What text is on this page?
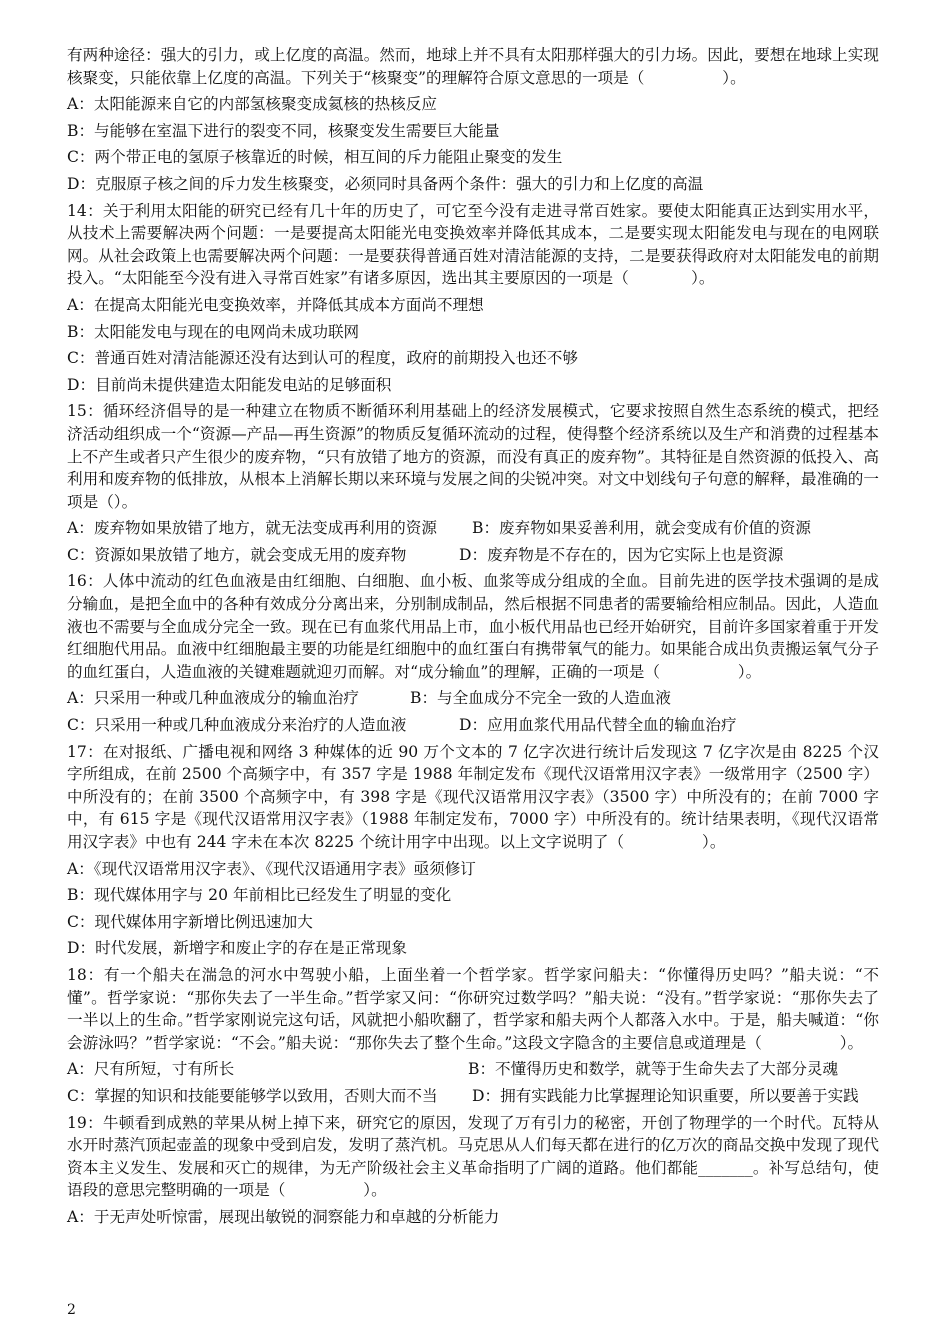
有两种途径：强大的引力，或上亿度的高温。然而，地球上并不具有太阳那样强大的引力场。因此，要想在地球上实现核聚变，只能依靠上亿度的高温。下列关于“核聚变”的理解符合原文意思的一项是（　　　　　）。

A：太阳能源来自它的内部氢核聚变成氦核的热核反应

B：与能够在室温下进行的裂变不同，核聚变发生需要巨大能量

C：两个带正电的氢原子核靠近的时候，相互间的斥力能阻止聚变的发生

D：克服原子核之间的斥力发生核聚变，必须同时具备两个条件：强大的引力和上亿度的高温

14：关于利用太阳能的研究已经有几十年的历史了，可它至今没有走进寻常百姓家。要使太阳能真正达到实用水平，从技术上需要解决两个问题：一是要提高太阳能光电变换效率并降低其成本，二是要实现太阳能发电与现在的电网联网。从社会政策上也需要解决两个问题：一是要获得普通百姓对清洁能源的支持，二是要获得政府对太阳能发电的前期投入。“太阳能至今没有进入寻常百姓家”有诸多原因，选出其主要原因的一项是（　　　　）。

A：在提高太阳能光电变换效率，并降低其成本方面尚不理想

B：太阳能发电与现在的电网尚未成功联网

C：普通百姓对清洁能源还没有达到认可的程度，政府的前期投入也还不够

D：目前尚未提供建造太阳能发电站的足够面积

15：循环经济倡导的是一种建立在物质不断循环利用基础上的经济发展模式，它要求按照自然生态系统的模式，把经济活动组织成一个“资源—产品—再生资源”的物质反复循环流动的过程，使得整个经济系统以及生产和消费的过程基本上不产生或者只产生很少的废弃物，“只有放错了地方的资源，而没有真正的废弃物”。其特征是自然资源的低投入、高利用和废弃物的低排放，从根本上消解长期以来环境与发展之间的尖锐冲突。对文中划线句子句意的解释，最准确的一项是（）。

A：废弃物如果放错了地方，就无法变成再利用的资源	B：废弃物如果妥善利用，就会变成有价值的资源
C：资源如果放错了地方，就会变成无用的废弃物	D：废弃物是不存在的，因为它实际上也是资源

16：人体中流动的红色血液是由红细胞、白细胞、血小板、血浆等成分组成的全血。目前先进的医学技术强调的是成分输血，是把全血中的各种有效成分分离出来，分别制成制品，然后根据不同患者的需要输给相应制品。因此，人造血液也不需要与全血成分完全一致。现在已有血浆代用品上市，血小板代用品也已经开始研究，目前许多国家着重于开发红细胞代用品。血液中红细胞最主要的功能是红细胞中的血红蛋白有携带氧气的能力。如果能合成出负责搬运氧气分子的血红蛋白，人造血液的关键难题就迎刃而解。对“成分输血”的理解，正确的一项是（　　　　　）。

A：只采用一种或几种血液成分的输血治疗	B：与全血成分不完全一致的人造血液
C：只采用一种或几种血液成分来治疗的人造血液	D：应用血浆代用品代替全血的输血治疗

17：在对报纸、广播电视和网络 3 种媒体的近 90 万个文本的 7 亿字次进行统计后发现这 7 亿字次是由 8225 个汉字所组成，在前 2500 个高频字中，有 357 字是 1988 年制定发布《现代汉语常用汉字表》一级常用字（2500 字）中所没有的；在前 3500 个高频字中，有 398 字是《现代汉语常用汉字表》（3500 字）中所没有的；在前 7000 字中，有 615 字是《现代汉语常用汉字表》（1988 年制定发布，7000 字）中所没有的。统计结果表明，《现代汉语常用汉字表》中也有 244 字未在本次 8225 个统计用字中出现。以上文字说明了（　　　　　）。

A：《现代汉语常用汉字表》、《现代汉语通用字表》亟须修订

B：现代媒体用字与 20 年前相比已经发生了明显的变化

C：现代媒体用字新增比例迅速加大

D：时代发展，新增字和废止字的存在是正常现象

18：有一个船夫在湍急的河水中驾驶小船，上面坐着一个哲学家。哲学家问船夫：“你懂得历史吗？”船夫说：“不懂”。哲学家说：“那你失去了一半生命。”哲学家又问：“你研究过数学吗？”船夫说：“没有。”哲学家说：“那你失去了一半以上的生命。”哲学家刚说完这句话，风就把小船吹翻了，哲学家和船夫两个人都落入水中。于是，船夫喊道：“你会游泳吗？”哲学家说：“不会。”船夫说：“那你失去了整个生命。”这段文字隐含的主要信息或道理是（　　　　　）。

A：尺有所短，寸有所长	B：不懂得历史和数学，就等于生命失去了大部分灵魂
C：掌握的知识和技能要能够学以致用，否则大而不当	D：拥有实践能力比掌握理论知识重要，所以要善于实践

19：牛顿看到成熟的苹果从树上掉下来，研究它的原因，发现了万有引力的秘密，开创了物理学的一个时代。瓦特从水开时蒸汽顶起壶盖的现象中受到启发，发明了蒸汽机。马克思从人们每天都在进行的亿万次的商品交换中发现了现代资本主义发生、发展和灭亡的规律，为无产阶级社会主义革命指明了广阔的道路。他们都能_______。补写总结句，使语段的意思完整明确的一项是（　　　　　）。

A：于无声处听惊雷，展现出敏锐的洞察能力和卓越的分析能力

2
